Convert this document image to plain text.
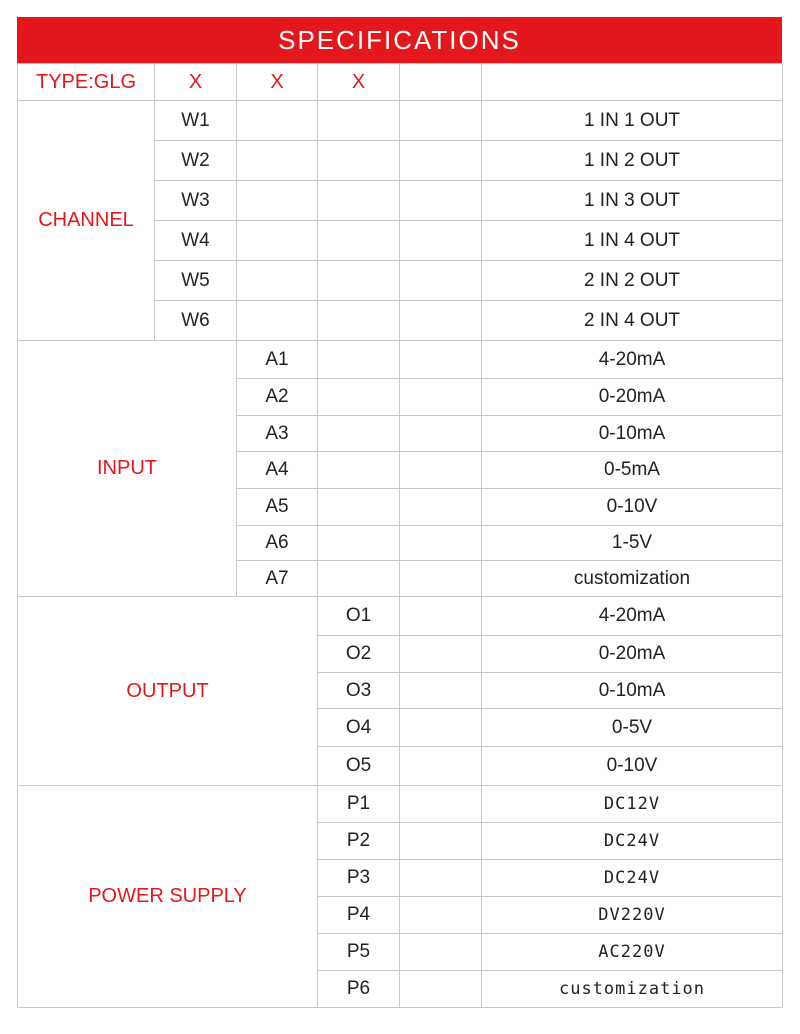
SPECIFICATIONS
TYPE:GLG	X	X	X		
CHANNEL	W1				1 IN 1 OUT
	W2				1 IN 2 OUT
	W3				1 IN 3 OUT
	W4				1 IN 4 OUT
	W5				2 IN 2 OUT
	W6				2 IN 4 OUT
INPUT		A1			4-20mA
		A2			0-20mA
		A3			0-10mA
		A4			0-5mA
		A5			0-10V
		A6			1-5V
		A7			customization
OUTPUT			O1		4-20mA
			O2		0-20mA
			O3		0-10mA
			O4		0-5V
			O5		0-10V
POWER SUPPLY			P1		DC12V
			P2		DC24V
			P3		DC24V
			P4		DV220V
			P5		AC220V
			P6		customization
